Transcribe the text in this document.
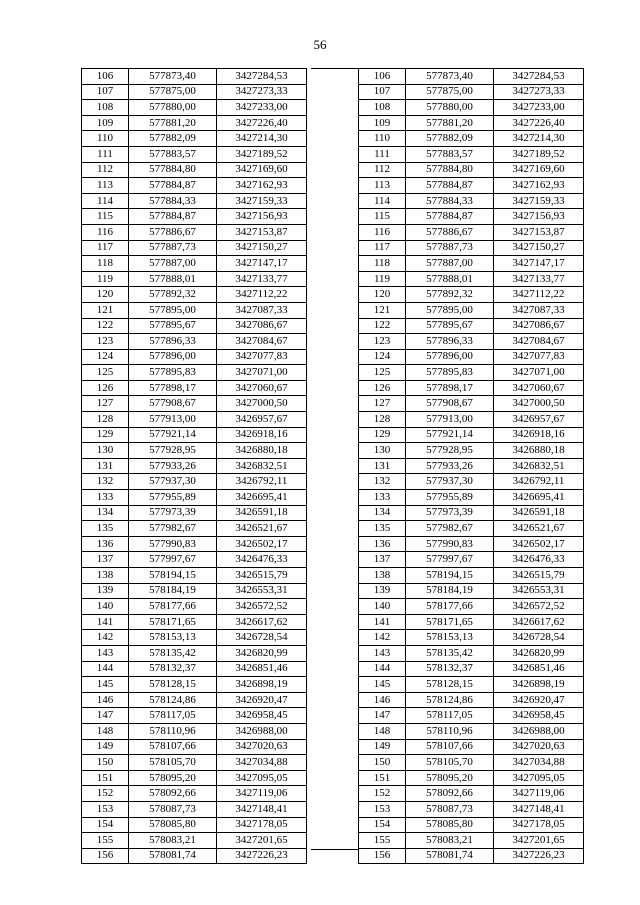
56
106	577873,40	3427284,53
107	577875,00	3427273,33
108	577880,00	3427233,00
109	577881,20	3427226,40
110	577882,09	3427214,30
111	577883,57	3427189,52
112	577884,80	3427169,60
113	577884,87	3427162,93
114	577884,33	3427159,33
115	577884,87	3427156,93
116	577886,67	3427153,87
117	577887,73	3427150,27
118	577887,00	3427147,17
119	577888,01	3427133,77
120	577892,32	3427112,22
121	577895,00	3427087,33
122	577895,67	3427086,67
123	577896,33	3427084,67
124	577896,00	3427077,83
125	577895,83	3427071,00
126	577898,17	3427060,67
127	577908,67	3427000,50
128	577913,00	3426957,67
129	577921,14	3426918,16
130	577928,95	3426880,18
131	577933,26	3426832,51
132	577937,30	3426792,11
133	577955,89	3426695,41
134	577973,39	3426591,18
135	577982,67	3426521,67
136	577990,83	3426502,17
137	577997,67	3426476,33
138	578194,15	3426515,79
139	578184,19	3426553,31
140	578177,66	3426572,52
141	578171,65	3426617,62
142	578153,13	3426728,54
143	578135,42	3426820,99
144	578132,37	3426851,46
145	578128,15	3426898,19
146	578124,86	3426920,47
147	578117,05	3426958,45
148	578110,96	3426988,00
149	578107,66	3427020,63
150	578105,70	3427034,88
151	578095,20	3427095,05
152	578092,66	3427119,06
153	578087,73	3427148,41
154	578085,80	3427178,05
155	578083,21	3427201,65
156	578081,74	3427226,23
106	577873,40	3427284,53
107	577875,00	3427273,33
108	577880,00	3427233,00
109	577881,20	3427226,40
110	577882,09	3427214,30
111	577883,57	3427189,52
112	577884,80	3427169,60
113	577884,87	3427162,93
114	577884,33	3427159,33
115	577884,87	3427156,93
116	577886,67	3427153,87
117	577887,73	3427150,27
118	577887,00	3427147,17
119	577888,01	3427133,77
120	577892,32	3427112,22
121	577895,00	3427087,33
122	577895,67	3427086,67
123	577896,33	3427084,67
124	577896,00	3427077,83
125	577895,83	3427071,00
126	577898,17	3427060,67
127	577908,67	3427000,50
128	577913,00	3426957,67
129	577921,14	3426918,16
130	577928,95	3426880,18
131	577933,26	3426832,51
132	577937,30	3426792,11
133	577955,89	3426695,41
134	577973,39	3426591,18
135	577982,67	3426521,67
136	577990,83	3426502,17
137	577997,67	3426476,33
138	578194,15	3426515,79
139	578184,19	3426553,31
140	578177,66	3426572,52
141	578171,65	3426617,62
142	578153,13	3426728,54
143	578135,42	3426820,99
144	578132,37	3426851,46
145	578128,15	3426898,19
146	578124,86	3426920,47
147	578117,05	3426958,45
148	578110,96	3426988,00
149	578107,66	3427020,63
150	578105,70	3427034,88
151	578095,20	3427095,05
152	578092,66	3427119,06
153	578087,73	3427148,41
154	578085,80	3427178,05
155	578083,21	3427201,65
156	578081,74	3427226,23
